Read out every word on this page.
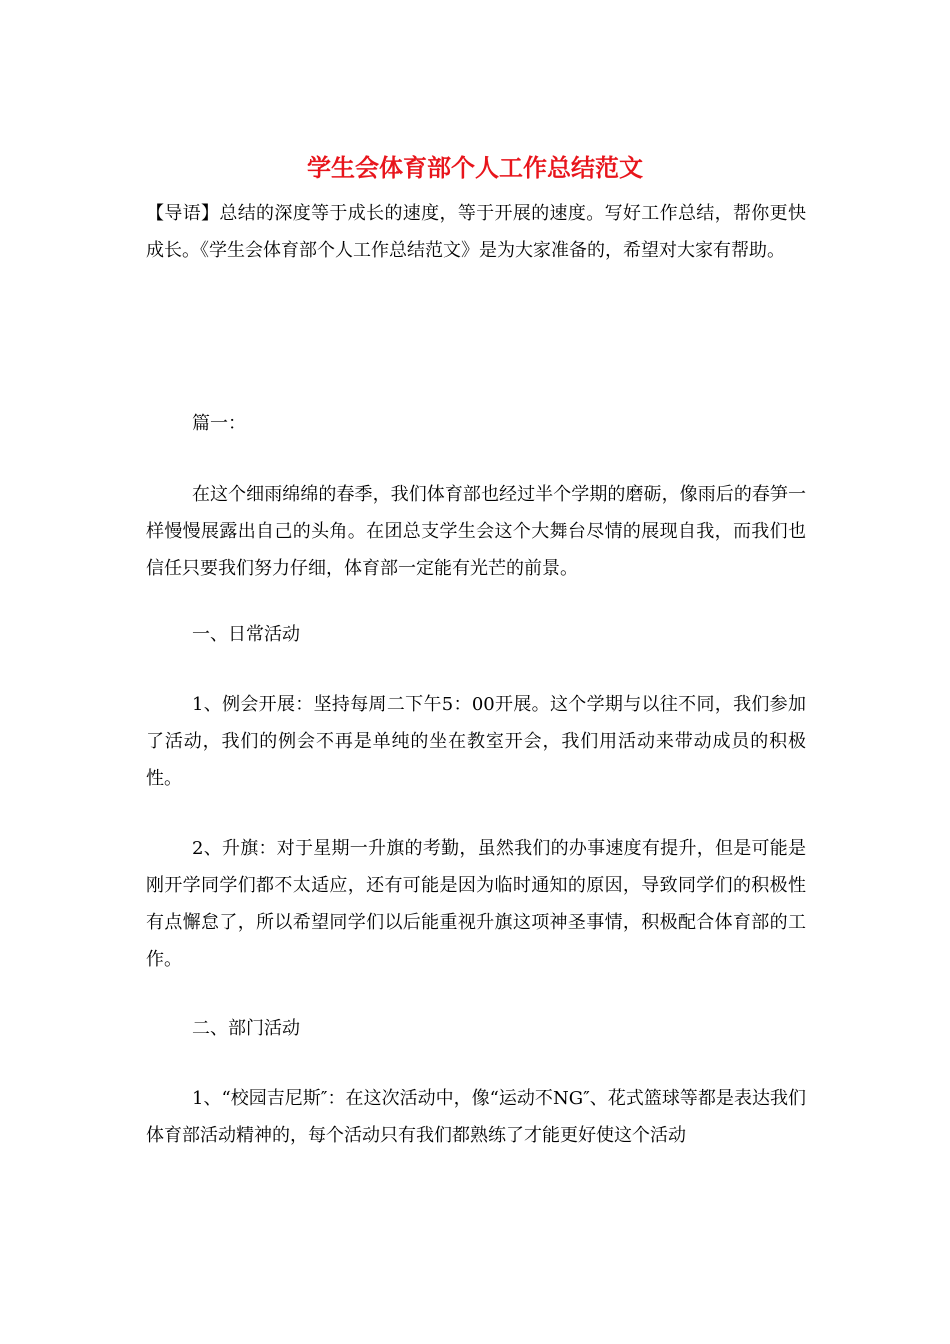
学生会体育部个人工作总结范文

【导语】总结的深度等于成长的速度，等于开展的速度。写好工作总结，帮你更快成长。《学生会体育部个人工作总结范文》是为大家准备的，希望对大家有帮助。

篇一：

在这个细雨绵绵的春季，我们体育部也经过半个学期的磨砺，像雨后的春笋一样慢慢展露出自己的头角。在团总支学生会这个大舞台尽情的展现自我，而我们也信任只要我们努力仔细，体育部一定能有光芒的前景。

一、日常活动

1、例会开展：坚持每周二下午5：00开展。这个学期与以往不同，我们参加了活动，我们的例会不再是单纯的坐在教室开会，我们用活动来带动成员的积极性。

2、升旗：对于星期一升旗的考勤，虽然我们的办事速度有提升，但是可能是刚开学同学们都不太适应，还有可能是因为临时通知的原因，导致同学们的积极性有点懈怠了，所以希望同学们以后能重视升旗这项神圣事情，积极配合体育部的工作。

二、部门活动

1、“校园吉尼斯″：在这次活动中，像“运动不NG″、花式篮球等都是表达我们体育部活动精神的，每个活动只有我们都熟练了才能更好使这个活动
